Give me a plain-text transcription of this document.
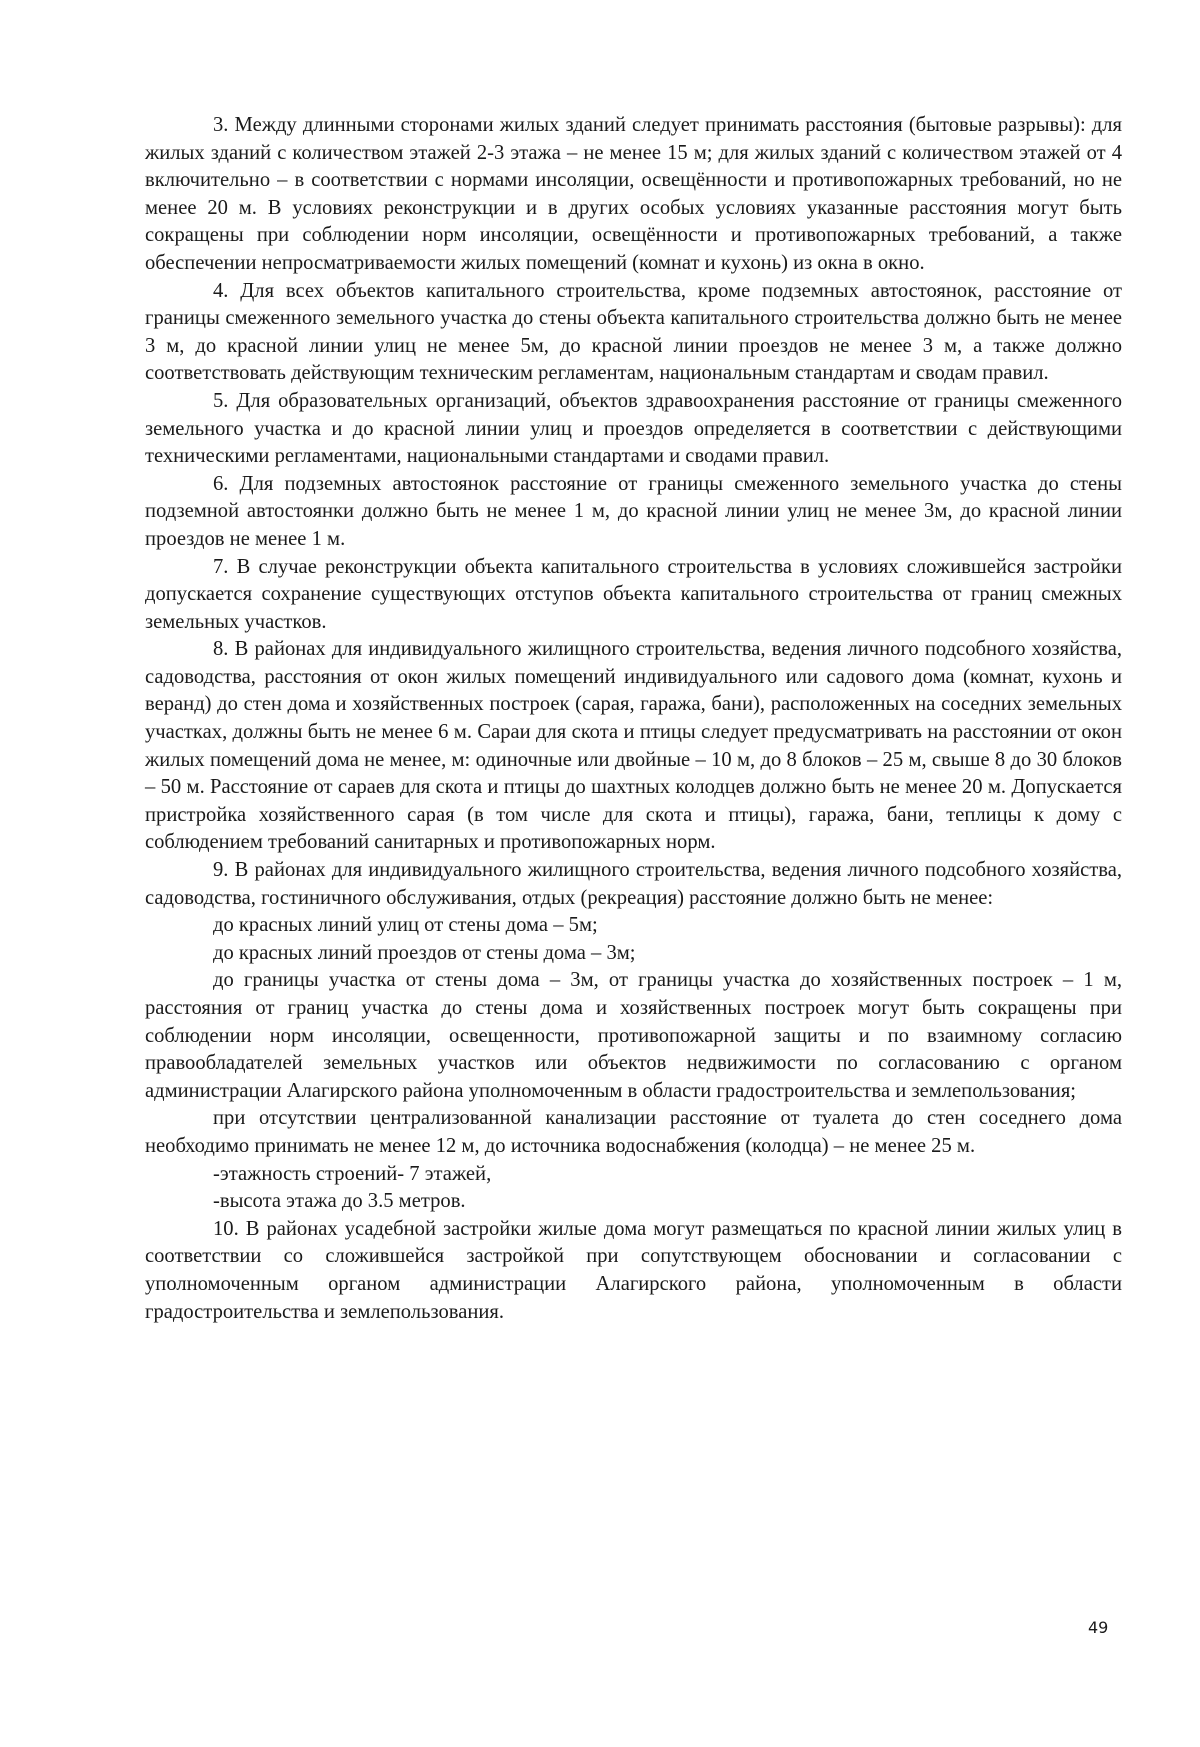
3. Между длинными сторонами жилых зданий следует принимать расстояния (бытовые разрывы): для жилых зданий с количеством этажей 2-3 этажа – не менее 15 м; для жилых зданий с количеством этажей от 4 включительно – в соответствии с нормами инсоляции, освещённости и противопожарных требований, но не менее 20 м. В условиях реконструкции и в других особых условиях указанные расстояния могут быть сокращены при соблюдении норм инсоляции, освещённости и противопожарных требований, а также обеспечении непросматриваемости жилых помещений (комнат и кухонь) из окна в окно.

4. Для всех объектов капитального строительства, кроме подземных автостоянок, расстояние от границы смеженного земельного участка до стены объекта капитального строительства должно быть не менее 3 м, до красной линии улиц не менее 5м, до красной линии проездов не менее 3 м, а также должно соответствовать действующим техническим регламентам, национальным стандартам и сводам правил.

5. Для образовательных организаций, объектов здравоохранения расстояние от границы смеженного земельного участка и до красной линии улиц и проездов определяется в соответствии с действующими техническими регламентами, национальными стандартами и сводами правил.

6. Для подземных автостоянок расстояние от границы смеженного земельного участка до стены подземной автостоянки должно быть не менее 1 м, до красной линии улиц не менее 3м, до красной линии проездов не менее 1 м.

7. В случае реконструкции объекта капитального строительства в условиях сложившейся застройки допускается сохранение существующих отступов объекта капитального строительства от границ смежных земельных участков.

8. В районах для индивидуального жилищного строительства, ведения личного подсобного хозяйства, садоводства, расстояния от окон жилых помещений индивидуального или садового дома (комнат, кухонь и веранд) до стен дома и хозяйственных построек (сарая, гаража, бани), расположенных на соседних земельных участках, должны быть не менее 6 м. Сараи для скота и птицы следует предусматривать на расстоянии от окон жилых помещений дома не менее, м: одиночные или двойные – 10 м, до 8 блоков – 25 м, свыше 8 до 30 блоков – 50 м. Расстояние от сараев для скота и птицы до шахтных колодцев должно быть не менее 20 м. Допускается пристройка хозяйственного сарая (в том числе для скота и птицы), гаража, бани, теплицы к дому с соблюдением требований санитарных и противопожарных норм.

9. В районах для индивидуального жилищного строительства, ведения личного подсобного хозяйства, садоводства, гостиничного обслуживания, отдых (рекреация) расстояние должно быть не менее:

до красных линий улиц от стены дома – 5м;

до красных линий проездов от стены дома – 3м;

до границы участка от стены дома – 3м, от границы участка до хозяйственных построек – 1 м, расстояния от границ участка до стены дома и хозяйственных построек могут быть сокращены при соблюдении норм инсоляции, освещенности, противопожарной защиты и по взаимному согласию правообладателей земельных участков или объектов недвижимости по согласованию с органом администрации Алагирского района уполномоченным в области градостроительства и землепользования;

при отсутствии централизованной канализации расстояние от туалета до стен соседнего дома необходимо принимать не менее 12 м, до источника водоснабжения (колодца) – не менее 25 м.

-этажность строений- 7 этажей,

-высота этажа до 3.5 метров.

10. В районах усадебной застройки жилые дома могут размещаться по красной линии жилых улиц в соответствии со сложившейся застройкой при сопутствующем обосновании и согласовании с уполномоченным органом администрации Алагирского района, уполномоченным в области градостроительства и землепользования.

49
